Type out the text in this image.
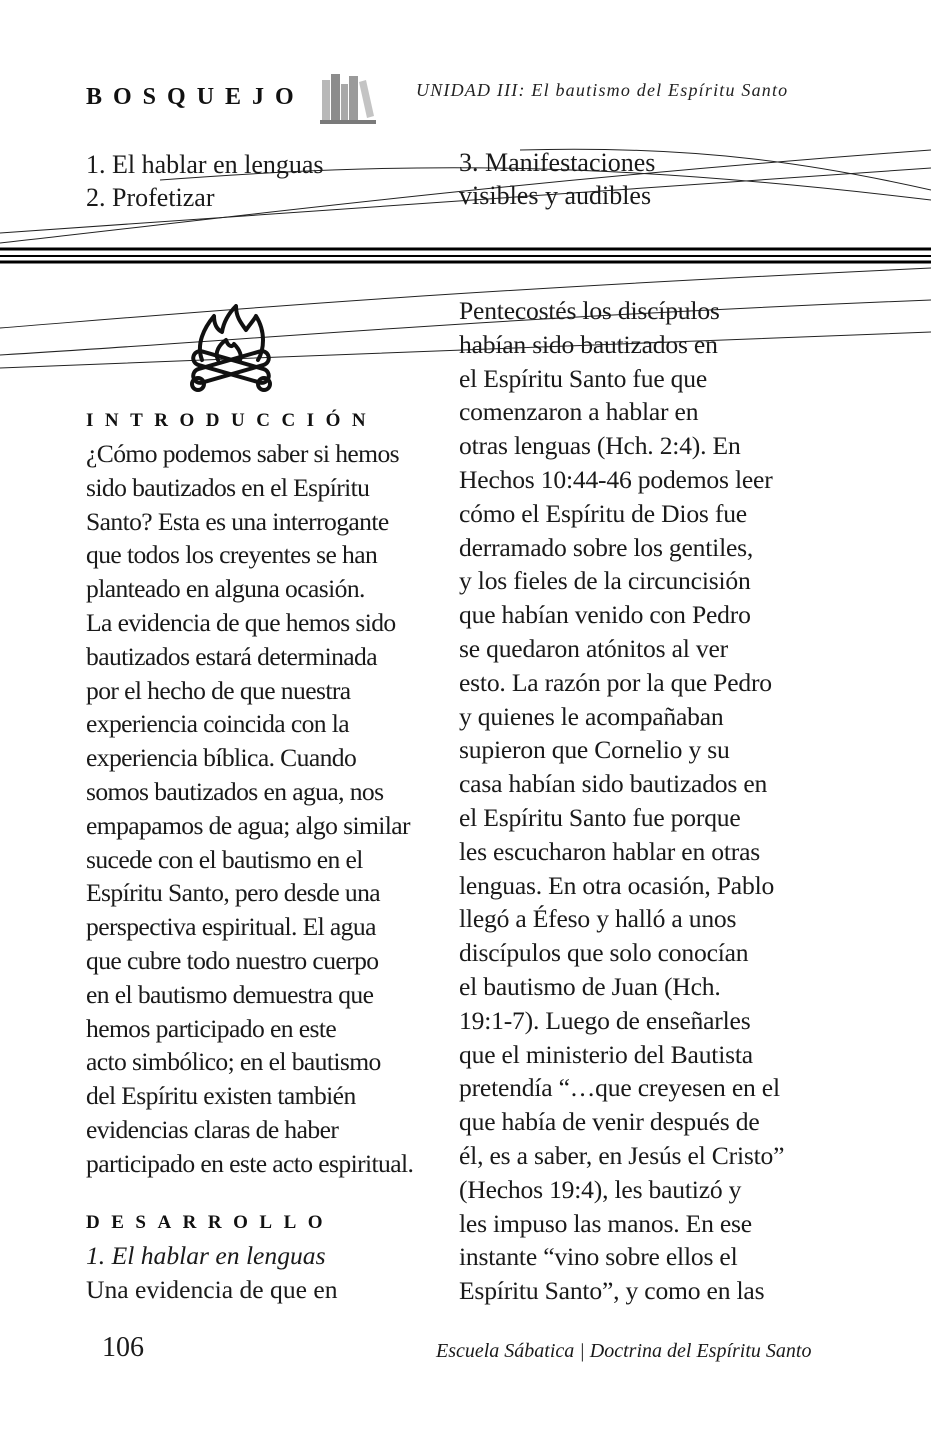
BOSQUEJO	UNIDAD III: El bautismo del Espíritu Santo
1. El hablar en lenguas
2. Profetizar
3. Manifestaciones
visibles y audibles
INTRODUCCIÓN
¿Cómo podemos saber si hemos
sido bautizados en el Espíritu
Santo? Esta es una interrogante
que todos los creyentes se han
planteado en alguna ocasión.
La evidencia de que hemos sido
bautizados estará determinada
por el hecho de que nuestra
experiencia coincida con la
experiencia bíblica. Cuando
somos bautizados en agua, nos
empapamos de agua; algo similar
sucede con el bautismo en el
Espíritu Santo, pero desde una
perspectiva espiritual. El agua
que cubre todo nuestro cuerpo
en el bautismo demuestra que
hemos participado en este
acto simbólico; en el bautismo
del Espíritu existen también
evidencias claras de haber
participado en este acto espiritual.
DESARROLLO
1. El hablar en lenguas
Una evidencia de que en
Pentecostés los discípulos
habían sido bautizados en
el Espíritu Santo fue que
comenzaron a hablar en
otras lenguas (Hch. 2:4). En
Hechos 10:44-46 podemos leer
cómo el Espíritu de Dios fue
derramado sobre los gentiles,
y los fieles de la circuncisión
que habían venido con Pedro
se quedaron atónitos al ver
esto. La razón por la que Pedro
y quienes le acompañaban
supieron que Cornelio y su
casa habían sido bautizados en
el Espíritu Santo fue porque
les escucharon hablar en otras
lenguas. En otra ocasión, Pablo
llegó a Éfeso y halló a unos
discípulos que solo conocían
el bautismo de Juan (Hch.
19:1-7). Luego de enseñarles
que el ministerio del Bautista
pretendía “…que creyesen en el
que había de venir después de
él, es a saber, en Jesús el Cristo”
(Hechos 19:4), les bautizó y
les impuso las manos. En ese
instante “vino sobre ellos el
Espíritu Santo”, y como en las
106	Escuela Sábatica | Doctrina del Espíritu Santo
